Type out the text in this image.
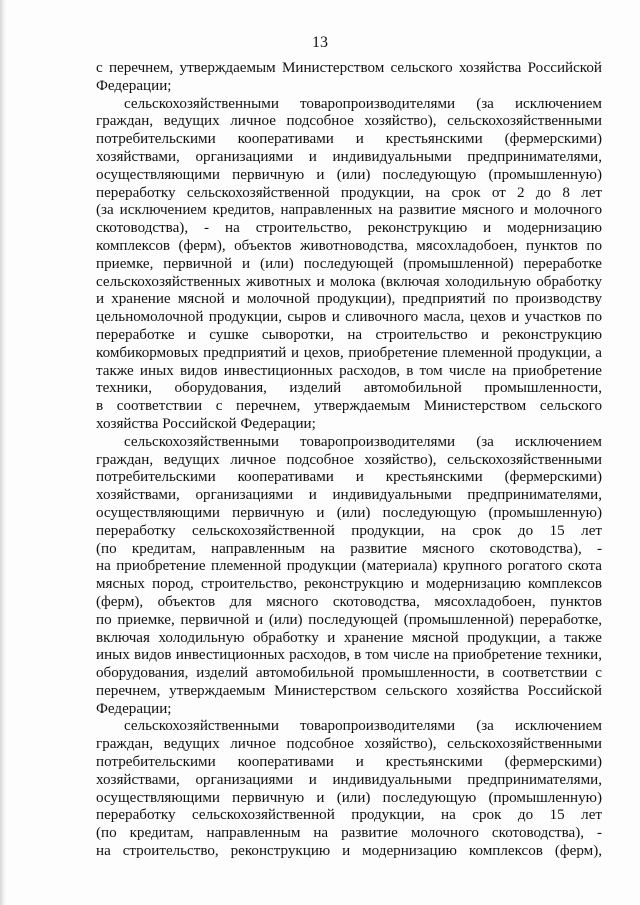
13
с перечнем, утверждаемым Министерством сельского хозяйства Российской
Федерации;
сельскохозяйственными товаропроизводителями (за исключением
граждан, ведущих личное подсобное хозяйство), сельскохозяйственными
потребительскими кооперативами и крестьянскими (фермерскими)
хозяйствами, организациями и индивидуальными предпринимателями,
осуществляющими первичную и (или) последующую (промышленную)
переработку сельскохозяйственной продукции, на срок от 2 до 8 лет
(за исключением кредитов, направленных на развитие мясного и молочного
скотоводства), - на строительство, реконструкцию и модернизацию
комплексов (ферм), объектов животноводства, мясохладобоен, пунктов по
приемке, первичной и (или) последующей (промышленной) переработке
сельскохозяйственных животных и молока (включая холодильную обработку
и хранение мясной и молочной продукции), предприятий по производству
цельномолочной продукции, сыров и сливочного масла, цехов и участков по
переработке и сушке сыворотки, на строительство и реконструкцию
комбикормовых предприятий и цехов, приобретение племенной продукции, а
также иных видов инвестиционных расходов, в том числе на приобретение
техники, оборудования, изделий автомобильной промышленности,
в соответствии с перечнем, утверждаемым Министерством сельского
хозяйства Российской Федерации;
сельскохозяйственными товаропроизводителями (за исключением
граждан, ведущих личное подсобное хозяйство), сельскохозяйственными
потребительскими кооперативами и крестьянскими (фермерскими)
хозяйствами, организациями и индивидуальными предпринимателями,
осуществляющими первичную и (или) последующую (промышленную)
переработку сельскохозяйственной продукции, на срок до 15 лет
(по кредитам, направленным на развитие мясного скотоводства), -
на приобретение племенной продукции (материала) крупного рогатого скота
мясных пород, строительство, реконструкцию и модернизацию комплексов
(ферм), объектов для мясного скотоводства, мясохладобоен, пунктов
по приемке, первичной и (или) последующей (промышленной) переработке,
включая холодильную обработку и хранение мясной продукции, а также
иных видов инвестиционных расходов, в том числе на приобретение техники,
оборудования, изделий автомобильной промышленности, в соответствии с
перечнем, утверждаемым Министерством сельского хозяйства Российской
Федерации;
сельскохозяйственными товаропроизводителями (за исключением
граждан, ведущих личное подсобное хозяйство), сельскохозяйственными
потребительскими кооперативами и крестьянскими (фермерскими)
хозяйствами, организациями и индивидуальными предпринимателями,
осуществляющими первичную и (или) последующую (промышленную)
переработку сельскохозяйственной продукции, на срок до 15 лет
(по кредитам, направленным на развитие молочного скотоводства), -
на строительство, реконструкцию и модернизацию комплексов (ферм),
